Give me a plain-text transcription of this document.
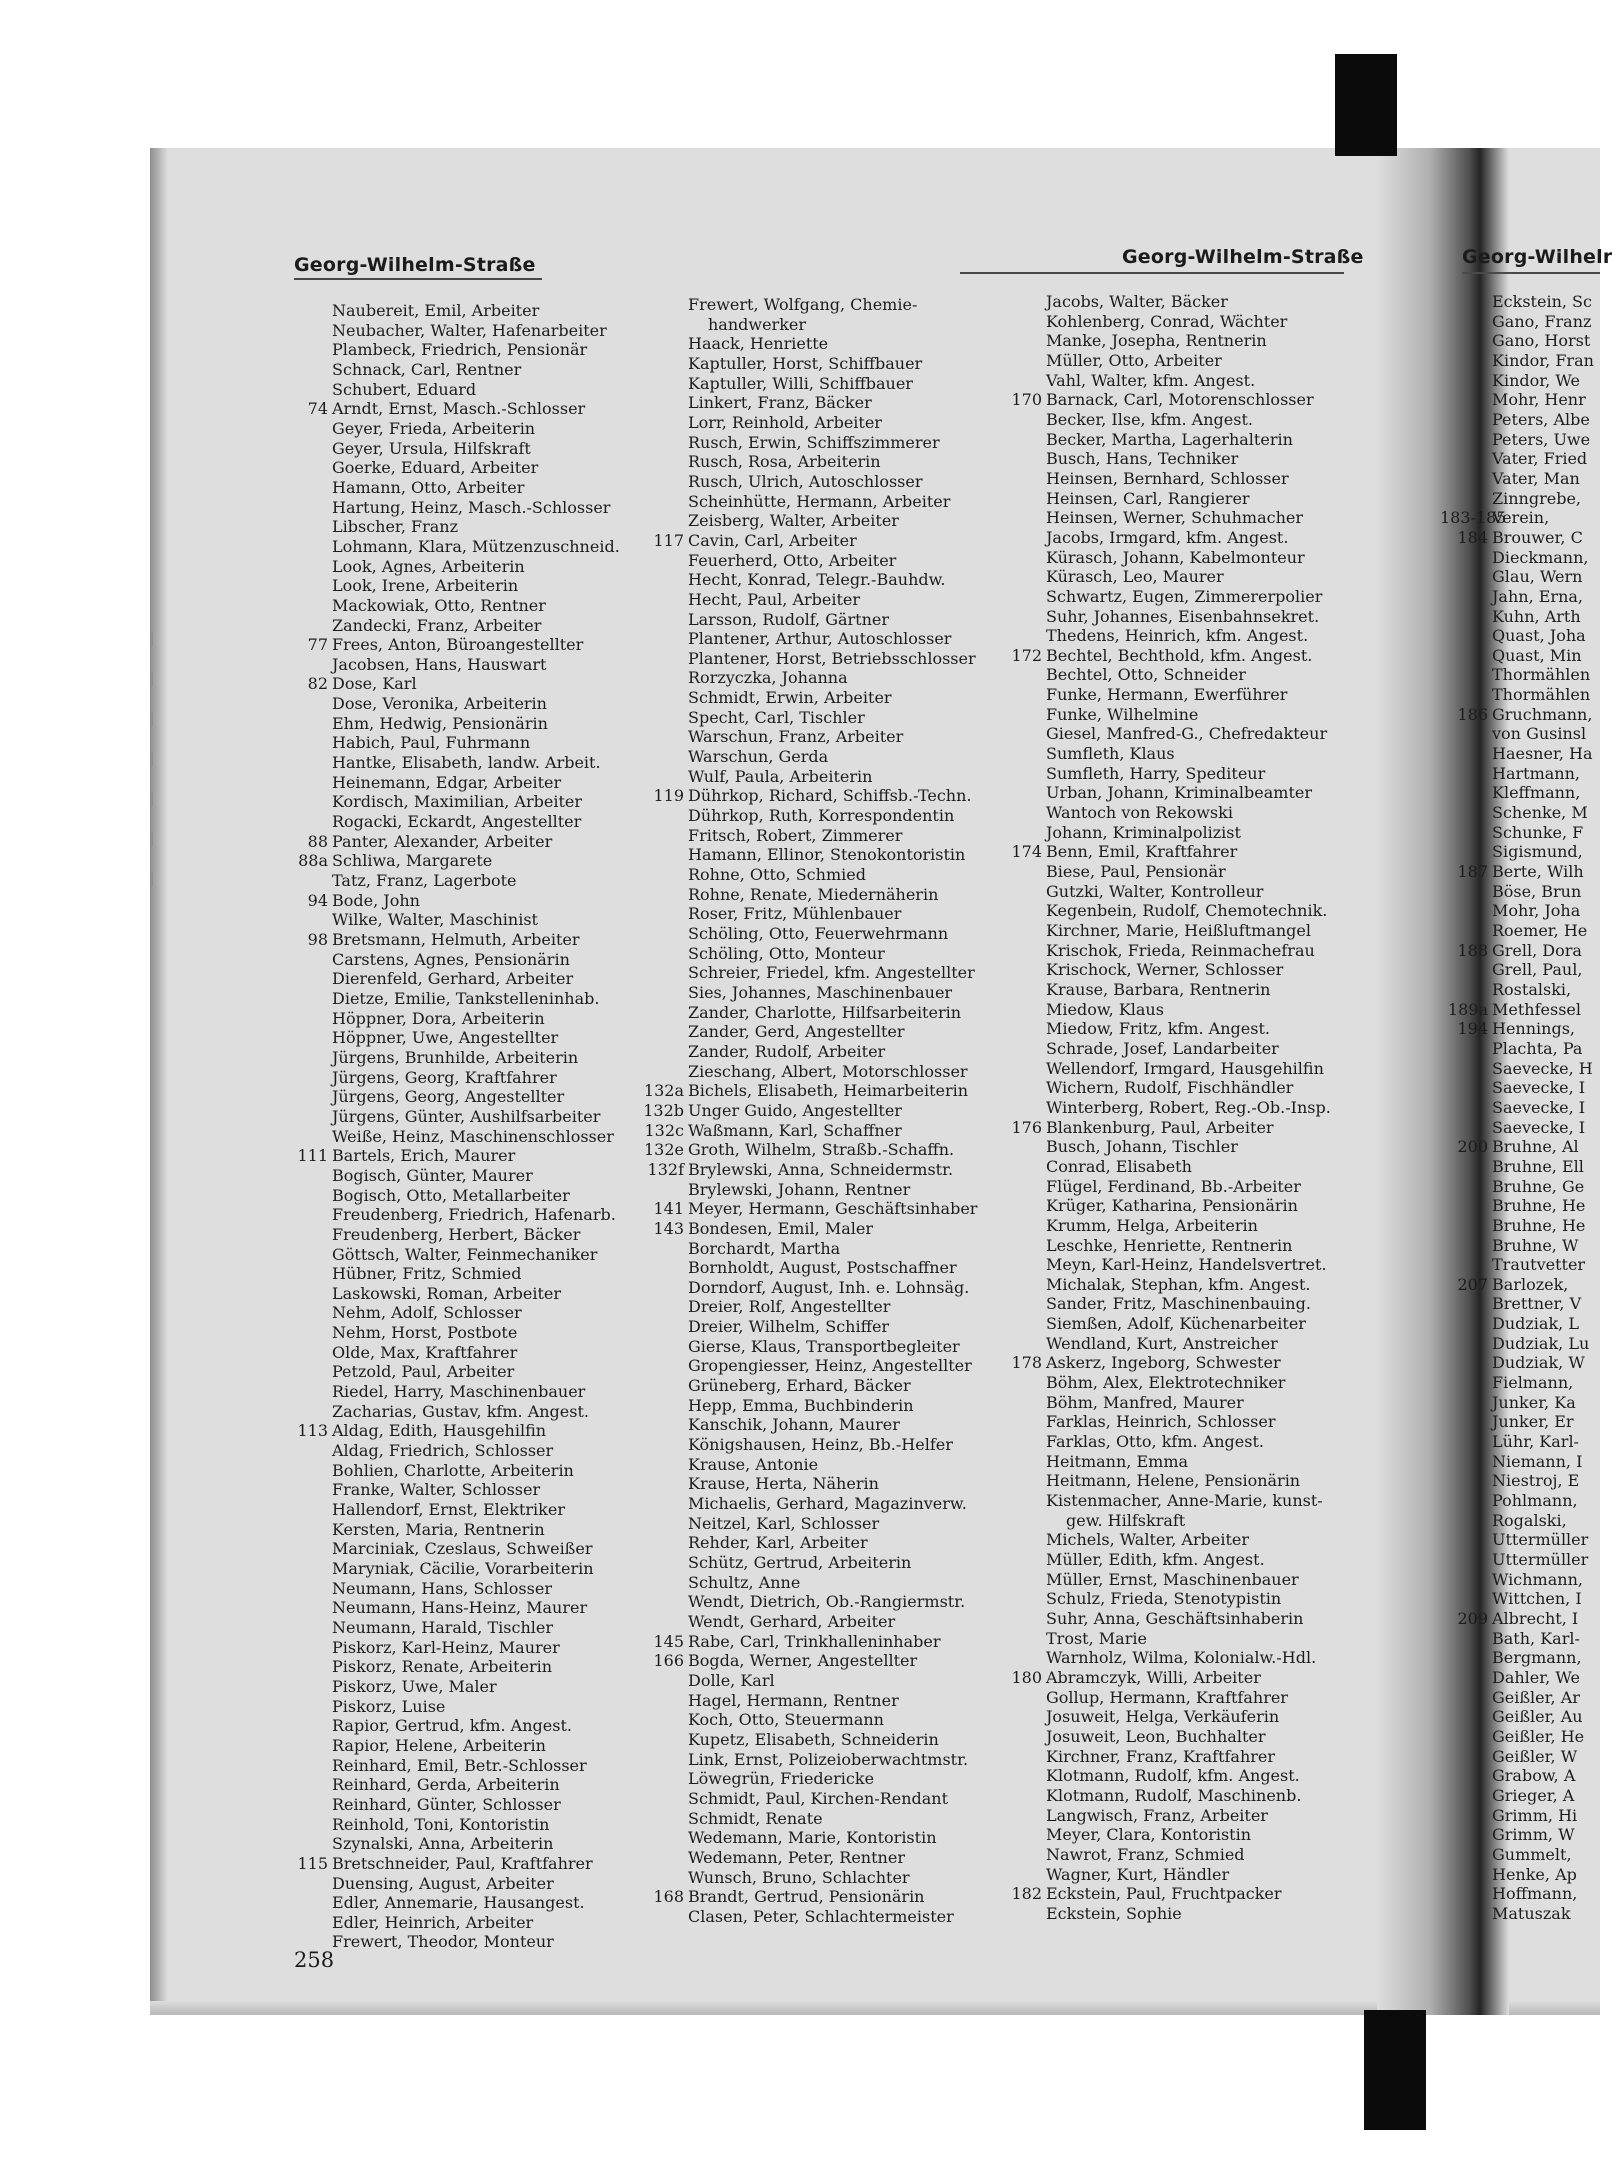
Georg-Wilhelm-Straße	Georg-Wilhelm-Straße	Georg-Wilhelr
|
|
|
|
|
|
|
Naubereit, Emil, Arbeiter
Neubacher, Walter, Hafenarbeiter
Plambeck, Friedrich, Pensionär
Schnack, Carl, Rentner
Schubert, Eduard
74 Arndt, Ernst, Masch.-Schlosser
Geyer, Frieda, Arbeiterin
Geyer, Ursula, Hilfskraft
Goerke, Eduard, Arbeiter
Hamann, Otto, Arbeiter
Hartung, Heinz, Masch.-Schlosser
Libscher, Franz
Lohmann, Klara, Mützenzuschneid.
Look, Agnes, Arbeiterin
Look, Irene, Arbeiterin
Mackowiak, Otto, Rentner
Zandecki, Franz, Arbeiter
77 Frees, Anton, Büroangestellter
Jacobsen, Hans, Hauswart
82 Dose, Karl
Dose, Veronika, Arbeiterin
Ehm, Hedwig, Pensionärin
Habich, Paul, Fuhrmann
Hantke, Elisabeth, landw. Arbeit.
Heinemann, Edgar, Arbeiter
Kordisch, Maximilian, Arbeiter
Rogacki, Eckardt, Angestellter
88 Panter, Alexander, Arbeiter
88a Schliwa, Margarete
Tatz, Franz, Lagerbote
94 Bode, John
Wilke, Walter, Maschinist
98 Bretsmann, Helmuth, Arbeiter
Carstens, Agnes, Pensionärin
Dierenfeld, Gerhard, Arbeiter
Dietze, Emilie, Tankstelleninhab.
Höppner, Dora, Arbeiterin
Höppner, Uwe, Angestellter
Jürgens, Brunhilde, Arbeiterin
Jürgens, Georg, Kraftfahrer
Jürgens, Georg, Angestellter
Jürgens, Günter, Aushilfsarbeiter
Weiße, Heinz, Maschinenschlosser
111 Bartels, Erich, Maurer
Bogisch, Günter, Maurer
Bogisch, Otto, Metallarbeiter
Freudenberg, Friedrich, Hafenarb.
Freudenberg, Herbert, Bäcker
Göttsch, Walter, Feinmechaniker
Hübner, Fritz, Schmied
Laskowski, Roman, Arbeiter
Nehm, Adolf, Schlosser
Nehm, Horst, Postbote
Olde, Max, Kraftfahrer
Petzold, Paul, Arbeiter
Riedel, Harry, Maschinenbauer
Zacharias, Gustav, kfm. Angest.
113 Aldag, Edith, Hausgehilfin
Aldag, Friedrich, Schlosser
Bohlien, Charlotte, Arbeiterin
Franke, Walter, Schlosser
Hallendorf, Ernst, Elektriker
Kersten, Maria, Rentnerin
Marciniak, Czeslaus, Schweißer
Maryniak, Cäcilie, Vorarbeiterin
Neumann, Hans, Schlosser
Neumann, Hans-Heinz, Maurer
Neumann, Harald, Tischler
Piskorz, Karl-Heinz, Maurer
Piskorz, Renate, Arbeiterin
Piskorz, Uwe, Maler
Piskorz, Luise
Rapior, Gertrud, kfm. Angest.
Rapior, Helene, Arbeiterin
Reinhard, Emil, Betr.-Schlosser
Reinhard, Gerda, Arbeiterin
Reinhard, Günter, Schlosser
Reinhold, Toni, Kontoristin
Szynalski, Anna, Arbeiterin
115 Bretschneider, Paul, Kraftfahrer
Duensing, August, Arbeiter
Edler, Annemarie, Hausangest.
Edler, Heinrich, Arbeiter
Frewert, Theodor, Monteur
Frewert, Wolfgang, Chemie-
handwerker
Haack, Henriette
Kaptuller, Horst, Schiffbauer
Kaptuller, Willi, Schiffbauer
Linkert, Franz, Bäcker
Lorr, Reinhold, Arbeiter
Rusch, Erwin, Schiffszimmerer
Rusch, Rosa, Arbeiterin
Rusch, Ulrich, Autoschlosser
Scheinhütte, Hermann, Arbeiter
Zeisberg, Walter, Arbeiter
117 Cavin, Carl, Arbeiter
Feuerherd, Otto, Arbeiter
Hecht, Konrad, Telegr.-Bauhdw.
Hecht, Paul, Arbeiter
Larsson, Rudolf, Gärtner
Plantener, Arthur, Autoschlosser
Plantener, Horst, Betriebsschlosser
Rorzyczka, Johanna
Schmidt, Erwin, Arbeiter
Specht, Carl, Tischler
Warschun, Franz, Arbeiter
Warschun, Gerda
Wulf, Paula, Arbeiterin
119 Dührkop, Richard, Schiffsb.-Techn.
Dührkop, Ruth, Korrespondentin
Fritsch, Robert, Zimmerer
Hamann, Ellinor, Stenokontoristin
Rohne, Otto, Schmied
Rohne, Renate, Miedernäherin
Roser, Fritz, Mühlenbauer
Schöling, Otto, Feuerwehrmann
Schöling, Otto, Monteur
Schreier, Friedel, kfm. Angestellter
Sies, Johannes, Maschinenbauer
Zander, Charlotte, Hilfsarbeiterin
Zander, Gerd, Angestellter
Zander, Rudolf, Arbeiter
Zieschang, Albert, Motorschlosser
132a Bichels, Elisabeth, Heimarbeiterin
132b Unger Guido, Angestellter
132c Waßmann, Karl, Schaffner
132e Groth, Wilhelm, Straßb.-Schaffn.
132f Brylewski, Anna, Schneidermstr.
Brylewski, Johann, Rentner
141 Meyer, Hermann, Geschäftsinhaber
143 Bondesen, Emil, Maler
Borchardt, Martha
Bornholdt, August, Postschaffner
Dorndorf, August, Inh. e. Lohnsäg.
Dreier, Rolf, Angestellter
Dreier, Wilhelm, Schiffer
Gierse, Klaus, Transportbegleiter
Gropengiesser, Heinz, Angestellter
Grüneberg, Erhard, Bäcker
Hepp, Emma, Buchbinderin
Kanschik, Johann, Maurer
Königshausen, Heinz, Bb.-Helfer
Krause, Antonie
Krause, Herta, Näherin
Michaelis, Gerhard, Magazinverw.
Neitzel, Karl, Schlosser
Rehder, Karl, Arbeiter
Schütz, Gertrud, Arbeiterin
Schultz, Anne
Wendt, Dietrich, Ob.-Rangiermstr.
Wendt, Gerhard, Arbeiter
145 Rabe, Carl, Trinkhalleninhaber
166 Bogda, Werner, Angestellter
Dolle, Karl
Hagel, Hermann, Rentner
Koch, Otto, Steuermann
Kupetz, Elisabeth, Schneiderin
Link, Ernst, Polizeioberwachtmstr.
Löwegrün, Friedericke
Schmidt, Paul, Kirchen-Rendant
Schmidt, Renate
Wedemann, Marie, Kontoristin
Wedemann, Peter, Rentner
Wunsch, Bruno, Schlachter
168 Brandt, Gertrud, Pensionärin
Clasen, Peter, Schlachtermeister
Jacobs, Walter, Bäcker
Kohlenberg, Conrad, Wächter
Manke, Josepha, Rentnerin
Müller, Otto, Arbeiter
Vahl, Walter, kfm. Angest.
170 Barnack, Carl, Motorenschlosser
Becker, Ilse, kfm. Angest.
Becker, Martha, Lagerhalterin
Busch, Hans, Techniker
Heinsen, Bernhard, Schlosser
Heinsen, Carl, Rangierer
Heinsen, Werner, Schuhmacher
Jacobs, Irmgard, kfm. Angest.
Kürasch, Johann, Kabelmonteur
Kürasch, Leo, Maurer
Schwartz, Eugen, Zimmererpolier
Suhr, Johannes, Eisenbahnsekret.
Thedens, Heinrich, kfm. Angest.
172 Bechtel, Bechthold, kfm. Angest.
Bechtel, Otto, Schneider
Funke, Hermann, Ewerführer
Funke, Wilhelmine
Giesel, Manfred-G., Chefredakteur
Sumfleth, Klaus
Sumfleth, Harry, Spediteur
Urban, Johann, Kriminalbeamter
Wantoch von Rekowski
Johann, Kriminalpolizist
174 Benn, Emil, Kraftfahrer
Biese, Paul, Pensionär
Gutzki, Walter, Kontrolleur
Kegenbein, Rudolf, Chemotechnik.
Kirchner, Marie, Heißluftmangel
Krischok, Frieda, Reinmachefrau
Krischock, Werner, Schlosser
Krause, Barbara, Rentnerin
Miedow, Klaus
Miedow, Fritz, kfm. Angest.
Schrade, Josef, Landarbeiter
Wellendorf, Irmgard, Hausgehilfin
Wichern, Rudolf, Fischhändler
Winterberg, Robert, Reg.-Ob.-Insp.
176 Blankenburg, Paul, Arbeiter
Busch, Johann, Tischler
Conrad, Elisabeth
Flügel, Ferdinand, Bb.-Arbeiter
Krüger, Katharina, Pensionärin
Krumm, Helga, Arbeiterin
Leschke, Henriette, Rentnerin
Meyn, Karl-Heinz, Handelsvertret.
Michalak, Stephan, kfm. Angest.
Sander, Fritz, Maschinenbauing.
Siemßen, Adolf, Küchenarbeiter
Wendland, Kurt, Anstreicher
178 Askerz, Ingeborg, Schwester
Böhm, Alex, Elektrotechniker
Böhm, Manfred, Maurer
Farklas, Heinrich, Schlosser
Farklas, Otto, kfm. Angest.
Heitmann, Emma
Heitmann, Helene, Pensionärin
Kistenmacher, Anne-Marie, kunst-
gew. Hilfskraft
Michels, Walter, Arbeiter
Müller, Edith, kfm. Angest.
Müller, Ernst, Maschinenbauer
Schulz, Frieda, Stenotypistin
Suhr, Anna, Geschäftsinhaberin
Trost, Marie
Warnholz, Wilma, Kolonialw.-Hdl.
180 Abramczyk, Willi, Arbeiter
Gollup, Hermann, Kraftfahrer
Josuweit, Helga, Verkäuferin
Josuweit, Leon, Buchhalter
Kirchner, Franz, Kraftfahrer
Klotmann, Rudolf, kfm. Angest.
Klotmann, Rudolf, Maschinenb.
Langwisch, Franz, Arbeiter
Meyer, Clara, Kontoristin
Nawrot, Franz, Schmied
Wagner, Kurt, Händler
182 Eckstein, Paul, Fruchtpacker
Eckstein, Sophie
Eckstein, Sc
Gano, Franz
Gano, Horst
Kindor, Fran
Kindor, We
Mohr, Henr
Peters, Albe
Peters, Uwe
Vater, Fried
Vater, Man
Zinngrebe,
183-185
Verein,
184 Brouwer, C
Dieckmann,
Glau, Wern
Jahn, Erna,
Kuhn, Arth
Quast, Joha
Quast, Min
Thormählen
Thormählen
186 Gruchmann,
von Gusinsl
Haesner, Ha
Hartmann,
Kleffmann,
Schenke, M
Schunke, F
Sigismund,
187 Berte, Wilh
Böse, Brun
Mohr, Joha
Roemer, He
188 Grell, Dora
Grell, Paul,
Rostalski,
189a Methfessel
194 Hennings,
Plachta, Pa
Saevecke, H
Saevecke, I
Saevecke, I
Saevecke, I
200 Bruhne, Al
Bruhne, Ell
Bruhne, Ge
Bruhne, He
Bruhne, He
Bruhne, W
Trautvetter
207 Barlozek,
Brettner, V
Dudziak, L
Dudziak, Lu
Dudziak, W
Fielmann,
Junker, Ka
Junker, Er
Lühr, Karl-
Niemann, I
Niestroj, E
Pohlmann,
Rogalski,
Uttermüller
Uttermüller
Wichmann,
Wittchen, I
209 Albrecht, I
Bath, Karl-
Bergmann,
Dahler, We
Geißler, Ar
Geißler, Au
Geißler, He
Geißler, W
Grabow, A
Grieger, A
Grimm, Hi
Grimm, W
Gummelt,
Henke, Ap
Hoffmann,
Matuszak
258
